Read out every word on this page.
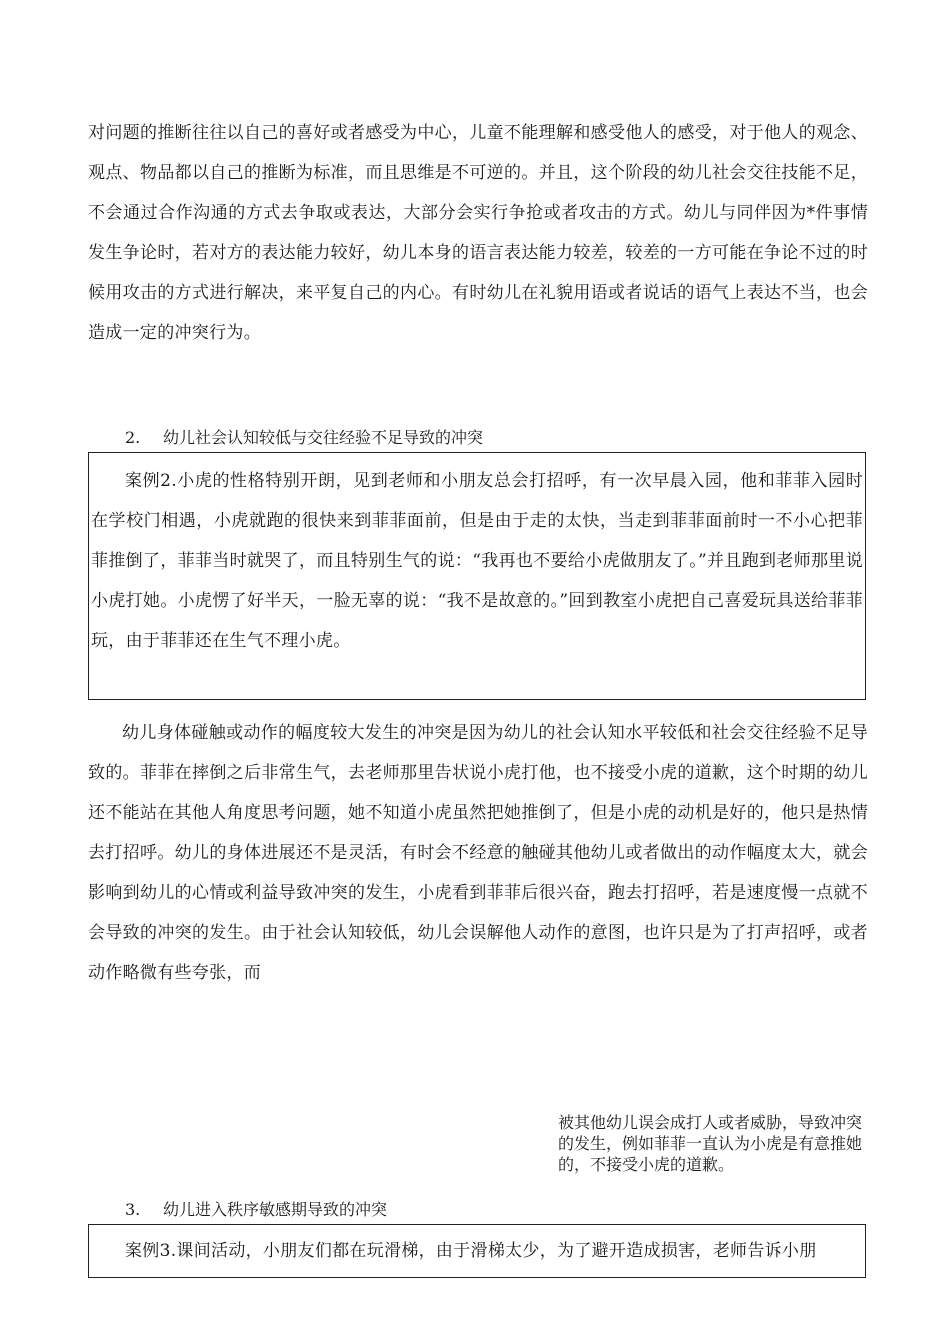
对问题的推断往往以自己的喜好或者感受为中心，儿童不能理解和感受他人的感受，对于他人的观念、观点、物品都以自己的推断为标准，而且思维是不可逆的。并且，这个阶段的幼儿社会交往技能不足，不会通过合作沟通的方式去争取或表达，大部分会实行争抢或者攻击的方式。幼儿与同伴因为*件事情发生争论时，若对方的表达能力较好，幼儿本身的语言表达能力较差，较差的一方可能在争论不过的时候用攻击的方式进行解决，来平复自己的内心。有时幼儿在礼貌用语或者说话的语气上表达不当，也会造成一定的冲突行为。

2. 幼儿社会认知较低与交往经验不足导致的冲突

案例2.小虎的性格特别开朗，见到老师和小朋友总会打招呼，有一次早晨入园，他和菲菲入园时在学校门相遇，小虎就跑的很快来到菲菲面前，但是由于走的太快，当走到菲菲面前时一不小心把菲菲推倒了，菲菲当时就哭了，而且特别生气的说：“我再也不要给小虎做朋友了。”并且跑到老师那里说小虎打她。小虎愣了好半天，一脸无辜的说：“我不是故意的。”回到教室小虎把自己喜爱玩具送给菲菲玩，由于菲菲还在生气不理小虎。

幼儿身体碰触或动作的幅度较大发生的冲突是因为幼儿的社会认知水平较低和社会交往经验不足导致的。菲菲在摔倒之后非常生气，去老师那里告状说小虎打他，也不接受小虎的道歉，这个时期的幼儿还不能站在其他人角度思考问题，她不知道小虎虽然把她推倒了，但是小虎的动机是好的，他只是热情去打招呼。幼儿的身体进展还不是灵活，有时会不经意的触碰其他幼儿或者做出的动作幅度太大，就会影响到幼儿的心情或利益导致冲突的发生，小虎看到菲菲后很兴奋，跑去打招呼，若是速度慢一点就不会导致的冲突的发生。由于社会认知较低，幼儿会误解他人动作的意图，也许只是为了打声招呼，或者动作略微有些夸张，而

被其他幼儿误会成打人或者威胁，导致冲突的发生，例如菲菲一直认为小虎是有意推她的，不接受小虎的道歉。

3. 幼儿进入秩序敏感期导致的冲突

案例3.课间活动，小朋友们都在玩滑梯，由于滑梯太少，为了避开造成损害，老师告诉小朋
